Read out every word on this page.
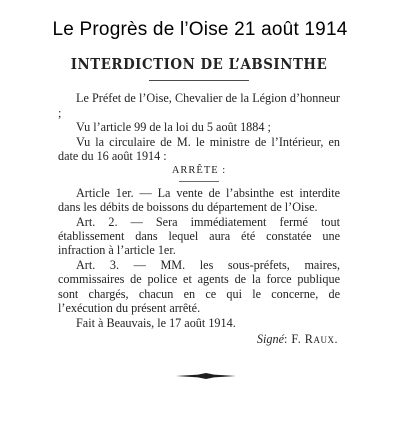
Le Progrès de l’Oise 21 août 1914
INTERDICTION DE L’ABSINTHE

Le Préfet de l’Oise, Chevalier de la Légion d’honneur ;

Vu l’article 99 de la loi du 5 août 1884 ;

Vu la circulaire de M. le ministre de l’Intérieur, en date du 16 août 1914 :

ARRÊTE :

Article 1er. — La vente de l’absinthe est interdite dans les débits de boissons du département de l’Oise.

Art. 2. — Sera immédiatement fermé tout établissement dans lequel aura été constatée une infraction à l’article 1er.

Art. 3. — MM. les sous-préfets, maires, commissaires de police et agents de la force publique sont chargés, chacun en ce qui le concerne, de l’exécution du présent arrêté.

Fait à Beauvais, le 17 août 1914.

Signé: F. Raux.
